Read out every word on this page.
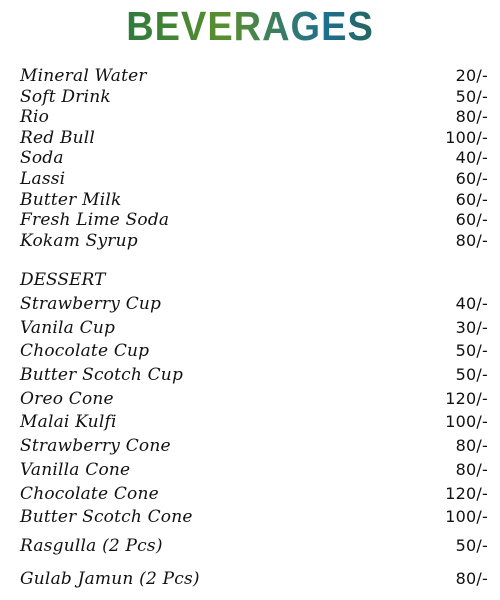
BEVERAGES
Mineral Water	20/-
Soft Drink	50/-
Rio	80/-
Red Bull	100/-
Soda	40/-
Lassi	60/-
Butter Milk	60/-
Fresh Lime Soda	60/-
Kokam Syrup	80/-
DESSERT
Strawberry Cup	40/-
Vanila Cup	30/-
Chocolate Cup	50/-
Butter Scotch Cup	50/-
Oreo Cone	120/-
Malai Kulfi	100/-
Strawberry Cone	80/-
Vanilla Cone	80/-
Chocolate Cone	120/-
Butter Scotch Cone	100/-
Rasgulla (2 Pcs)	50/-
Gulab Jamun (2 Pcs)	80/-
